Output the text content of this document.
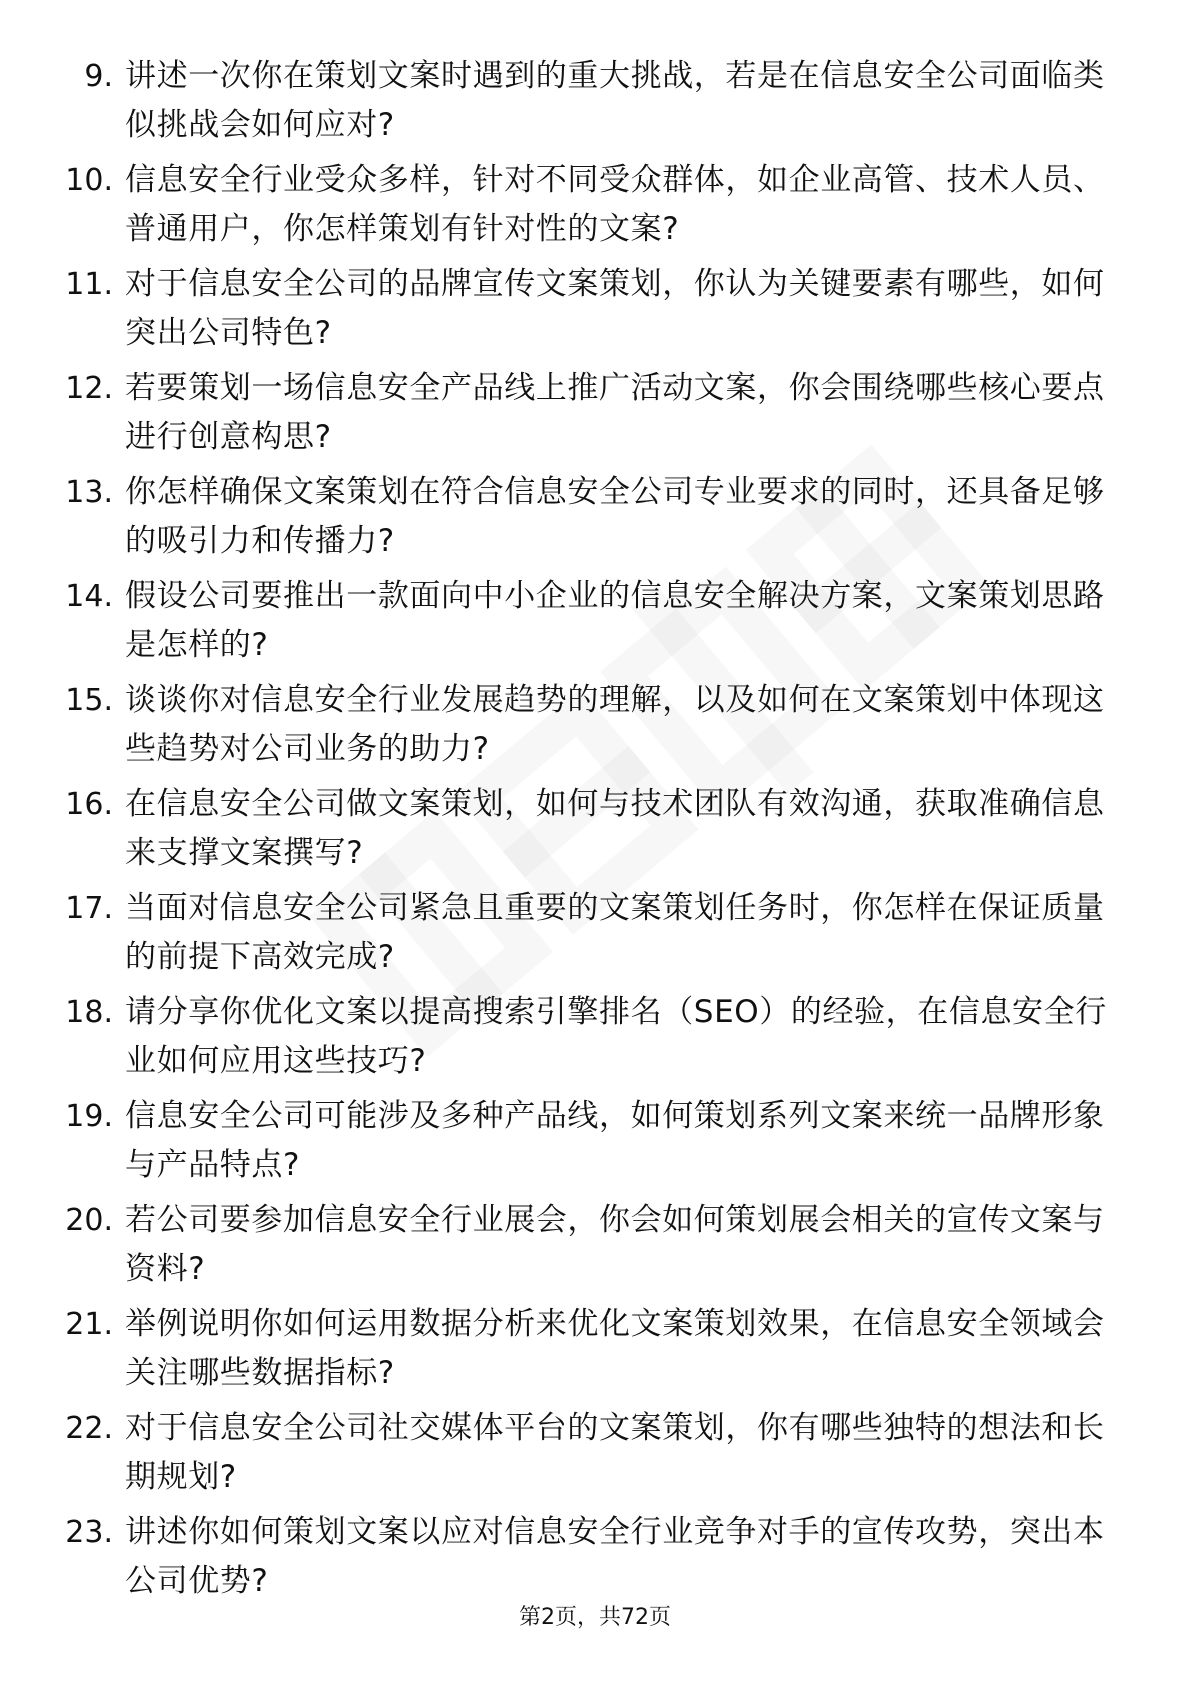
9. 讲述一次你在策划文案时遇到的重大挑战，若是在信息安全公司面临类似挑战会如何应对?
10. 信息安全行业受众多样，针对不同受众群体，如企业高管、技术人员、普通用户，你怎样策划有针对性的文案?
11. 对于信息安全公司的品牌宣传文案策划，你认为关键要素有哪些，如何突出公司特色?
12. 若要策划一场信息安全产品线上推广活动文案，你会围绕哪些核心要点进行创意构思?
13. 你怎样确保文案策划在符合信息安全公司专业要求的同时，还具备足够的吸引力和传播力?
14. 假设公司要推出一款面向中小企业的信息安全解决方案，文案策划思路是怎样的?
15. 谈谈你对信息安全行业发展趋势的理解，以及如何在文案策划中体现这些趋势对公司业务的助力?
16. 在信息安全公司做文案策划，如何与技术团队有效沟通，获取准确信息来支撑文案撰写?
17. 当面对信息安全公司紧急且重要的文案策划任务时，你怎样在保证质量的前提下高效完成?
18. 请分享你优化文案以提高搜索引擎排名（SEO）的经验，在信息安全行业如何应用这些技巧?
19. 信息安全公司可能涉及多种产品线，如何策划系列文案来统一品牌形象与产品特点?
20. 若公司要参加信息安全行业展会，你会如何策划展会相关的宣传文案与资料?
21. 举例说明你如何运用数据分析来优化文案策划效果，在信息安全领域会关注哪些数据指标?
22. 对于信息安全公司社交媒体平台的文案策划，你有哪些独特的想法和长期规划?
23. 讲述你如何策划文案以应对信息安全行业竞争对手的宣传攻势，突出本公司优势?
第2页，共72页
